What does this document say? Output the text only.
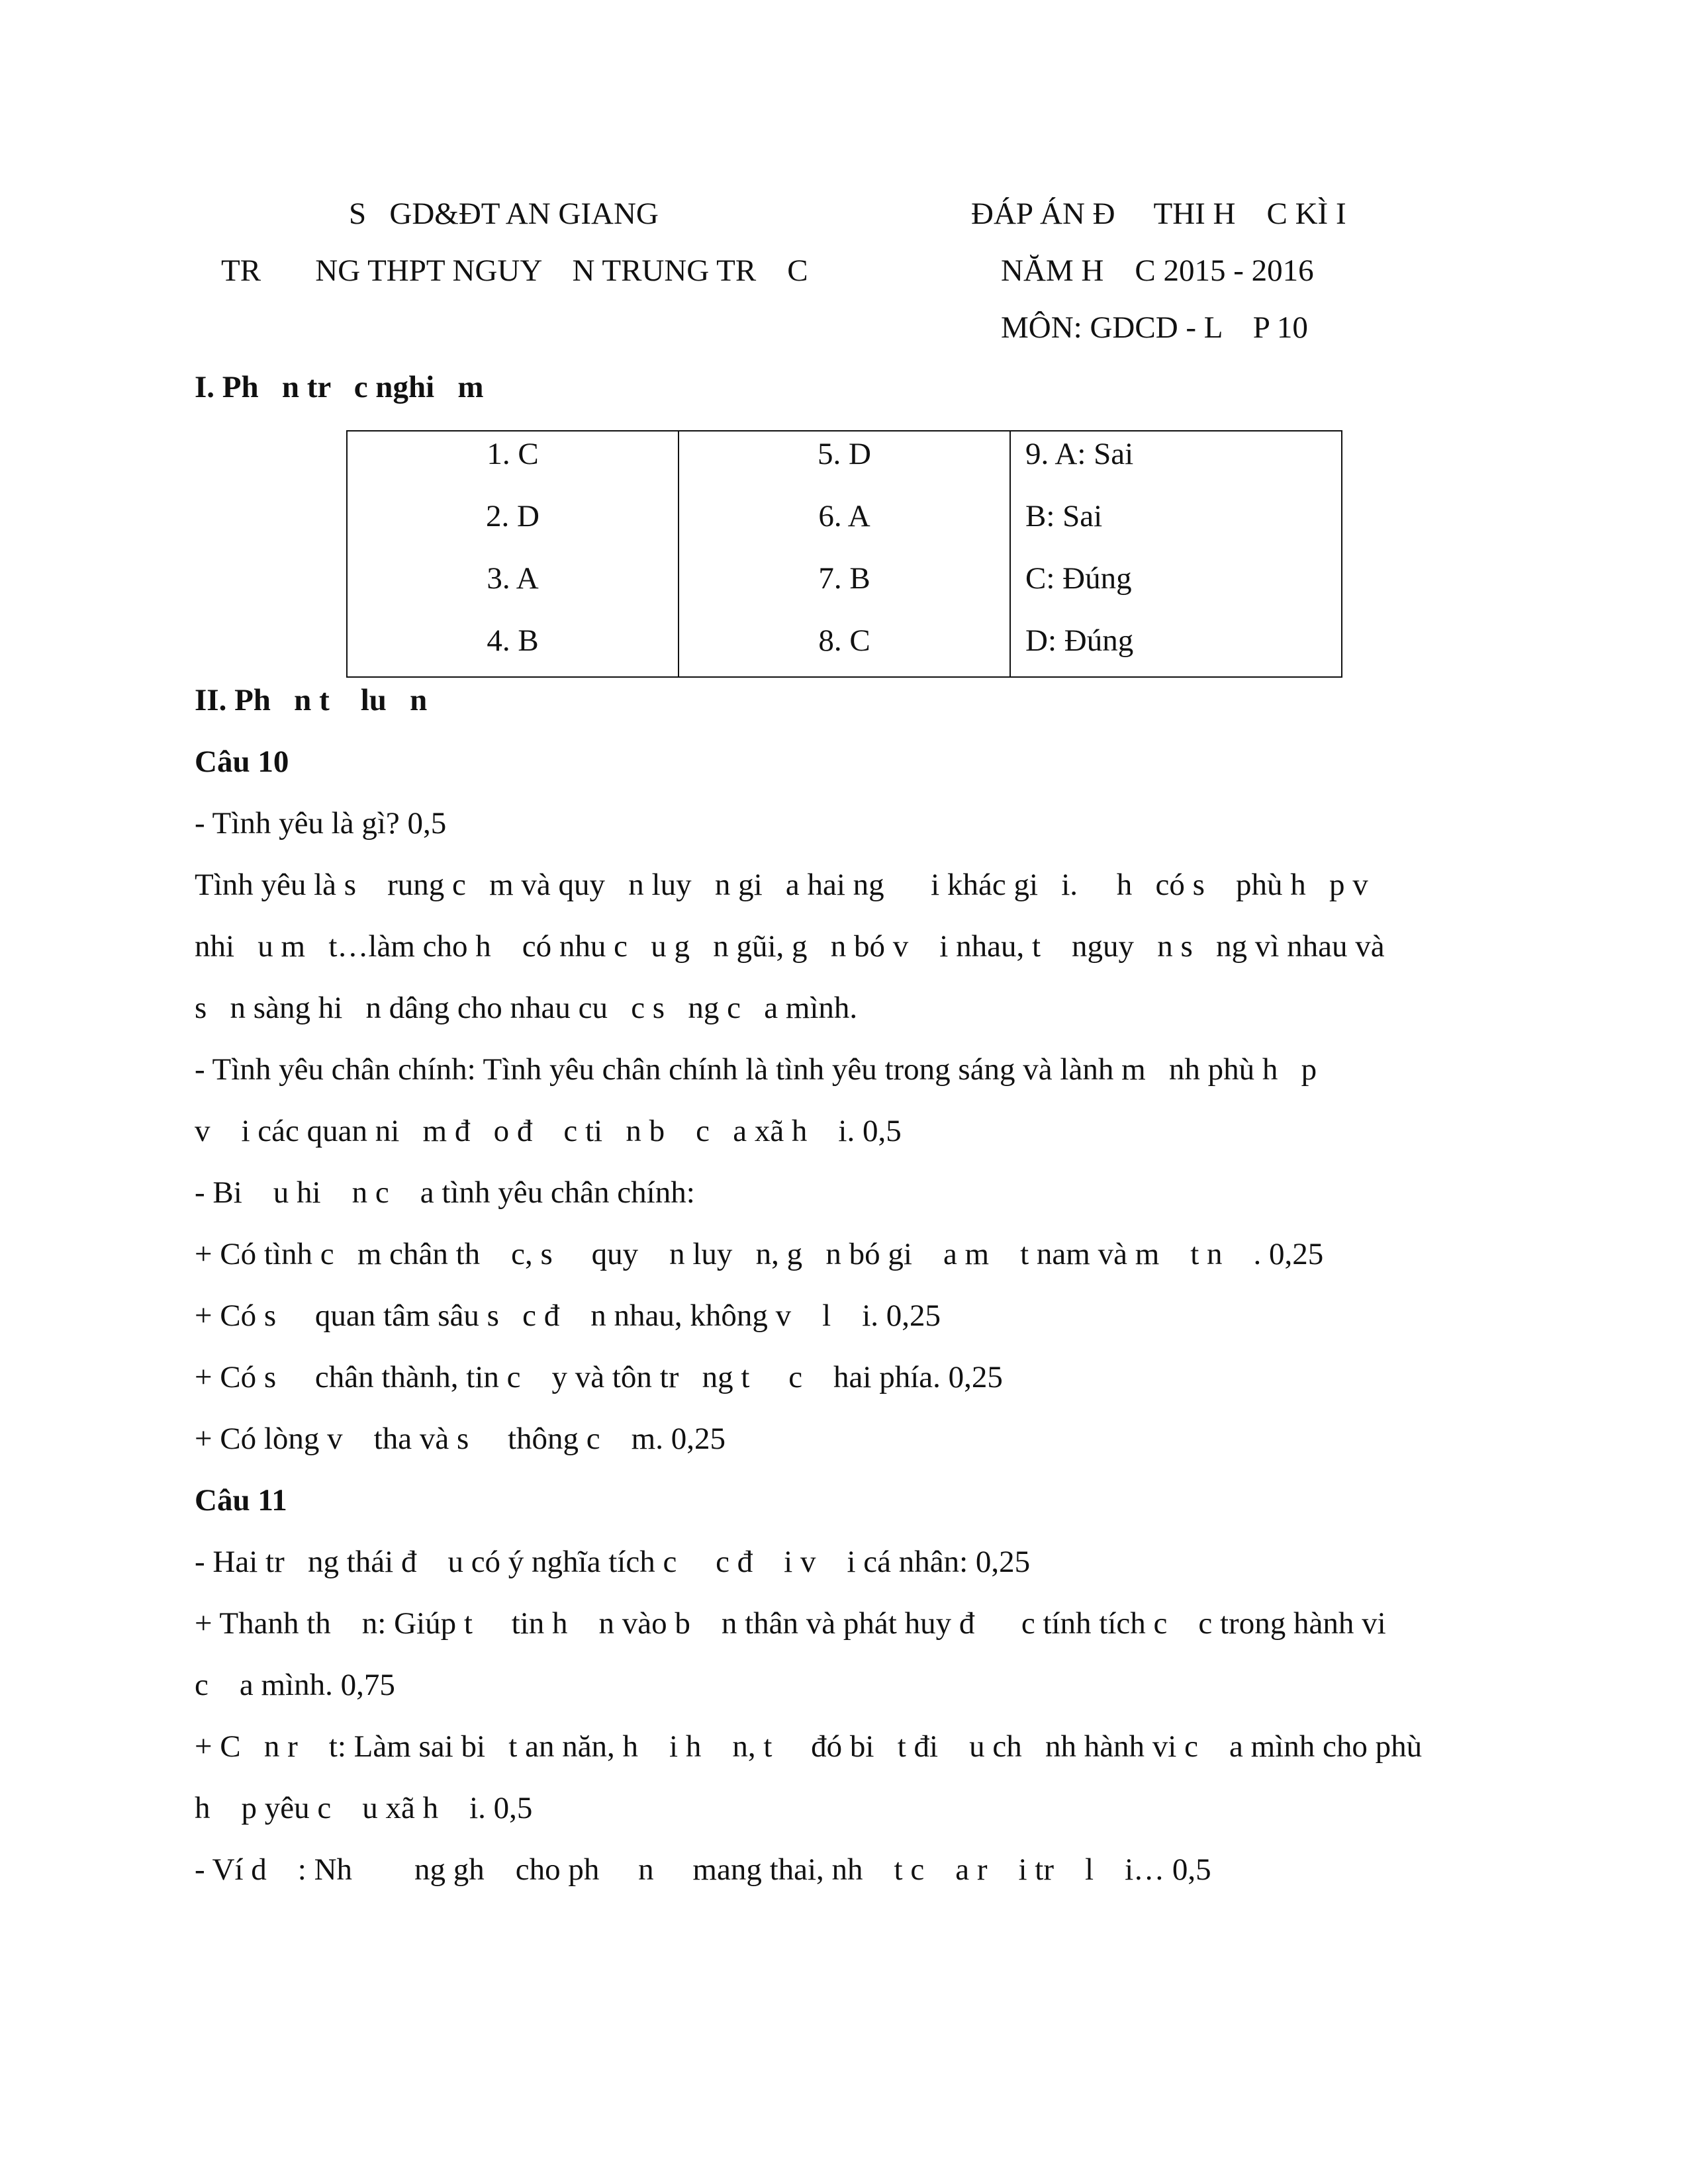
S   GD&ĐT AN GIANG
TR       NG THPT NGUY    N TRUNG TR    C
ĐÁP ÁN Đ     THI H    C KÌ I
NĂM H    C 2015 - 2016
MÔN: GDCD - L    P 10
I. Ph   n tr   c nghi   m
1. C
2. D
3. A
4. B

5. D
6. A
7. B
8. C

9. A: Sai
B: Sai
C: Đúng
D: Đúng
II. Ph   n t    lu   n
Câu 10
- Tình yêu là gì? 0,5
Tình yêu là s    rung c   m và quy   n luy   n gi   a hai ng      i khác gi   i.     h   có s    phù h   p v
nhi   u m   t…làm cho h    có nhu c   u g   n gũi, g   n bó v    i nhau, t    nguy   n s   ng vì nhau và
s   n sàng hi   n dâng cho nhau cu   c s   ng c   a mình.
- Tình yêu chân chính: Tình yêu chân chính là tình yêu trong sáng và lành m   nh phù h   p
v    i các quan ni   m đ   o đ    c ti   n b    c   a xã h    i. 0,5
- Bi    u hi    n c    a tình yêu chân chính:
+ Có tình c   m chân th    c, s     quy    n luy   n, g   n bó gi    a m    t nam và m    t n    . 0,25
+ Có s     quan tâm sâu s   c đ    n nhau, không v    l    i. 0,25
+ Có s     chân thành, tin c    y và tôn tr   ng t     c    hai phía. 0,25
+ Có lòng v    tha và s     thông c    m. 0,25
Câu 11
- Hai tr   ng thái đ    u có ý nghĩa tích c     c đ    i v    i cá nhân: 0,25
+ Thanh th    n: Giúp t     tin h    n vào b    n thân và phát huy đ      c tính tích c    c trong hành vi
c    a mình. 0,75
+ C   n r    t: Làm sai bi   t an năn, h    i h    n, t     đó bi   t đi    u ch   nh hành vi c    a mình cho phù
h    p yêu c    u xã h    i. 0,5
- Ví d    : Nh        ng gh    cho ph     n     mang thai, nh    t c    a r    i tr    l    i… 0,5
